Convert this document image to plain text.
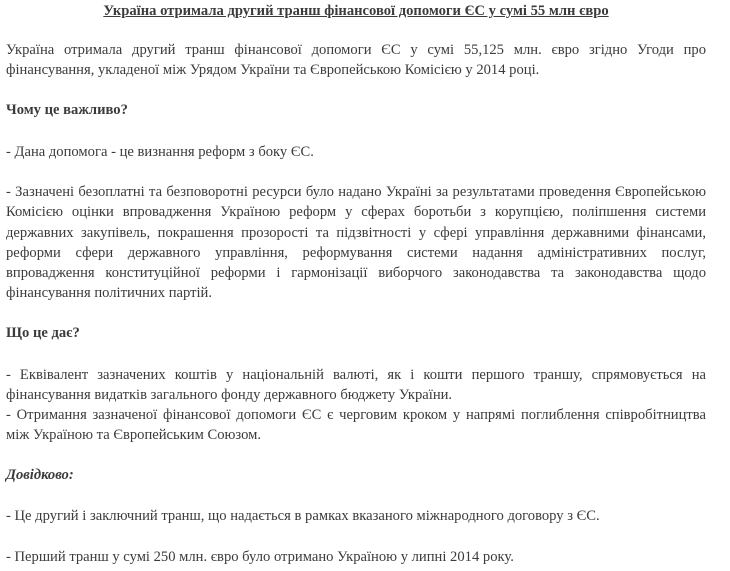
Україна отримала другий транш фінансової допомоги ЄС у сумі 55 млн євро

Україна отримала другий транш фінансової допомоги ЄС у сумі 55,125 млн. євро згідно Угоди про фінансування, укладеної між Урядом України та Європейською Комісією у 2014 році.

Чому це важливо?

- Дана допомога - це визнання реформ з боку ЄС.

- Зазначені безоплатні та безповоротні ресурси було надано Україні за результатами проведення Європейською Комісією оцінки впровадження Україною реформ у сферах боротьби з корупцією, поліпшення системи державних закупівель, покрашення прозорості та підзвітності у сфері управління державними фінансами, реформи сфери державного управління, реформування системи надання адміністративних послуг, впровадження конституційної реформи і гармонізації виборчого законодавства та законодавства щодо фінансування політичних партій.

Що це дає?

- Еквівалент зазначених коштів у національній валюті, як і кошти першого траншу, спрямовується на фінансування видатків загального фонду державного бюджету України.

- Отримання зазначеної фінансової допомоги ЄС є черговим кроком у напрямі поглиблення співробітництва між Україною та Європейським Союзом.

Довідково:

- Це другий і заключний транш, що надається в рамках вказаного міжнародного договору з ЄС.

- Перший транш у сумі 250 млн. євро було отримано Україною у липні 2014 року.
